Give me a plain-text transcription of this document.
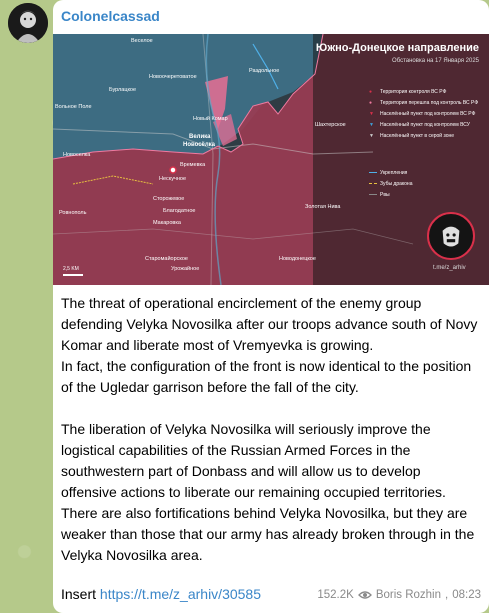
Colonelcassad
Южно-Донецкое направление
Обстановка на 17 Января 2025
●	Территория контроля ВС РФ
●	Территория перешла под контроль ВС РФ
▼	Населённый пункт под контролем ВС РФ
▼	Населённый пункт под контролем ВСУ
▼	Населённый пункт в серой зоне
Укрепления
Зубы дракона
Рвы
Веселое
Новоочеретоватое
Раздольное
Бурлацкое
Новый Комар
Вольное Поле
Шахтерское
Новоселка
Велика
Новосёлка
Времевка
Нескучное
Сторожевое
Благодатное
Макаровка
Ровнополь
Золотая Нива
Старомайорское
Урожайное
Новодонецкое
2,5 KM	t.me/z_arhiv

The threat of operational encirclement of the enemy group

defending Velyka Novosilka after our troops advance south of Novy

Komar and liberate most of Vremyevka is growing.

In fact, the configuration of the front is now identical to the position

of the Ugledar garrison before the fall of the city.

The liberation of Velyka Novosilka will seriously improve the

logistical capabilities of the Russian Armed Forces in the

southwestern part of Donbass and will allow us to develop

offensive actions to liberate our remaining occupied territories.

There are also fortifications behind Velyka Novosilka, but they are

weaker than those that our army has already broken through in the

Velyka Novosilka area.

Insert https://t.me/z_arhiv/30585	152.2K Boris Rozhin , 08:23
